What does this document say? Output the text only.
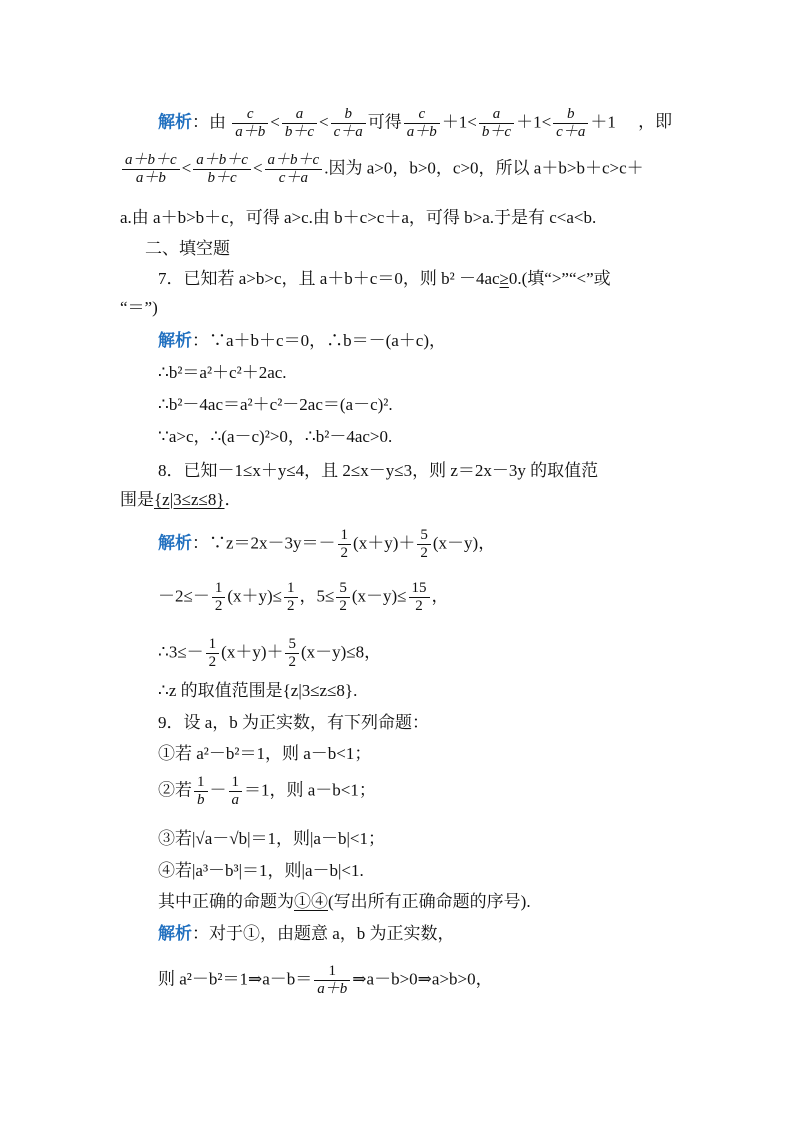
解析：由 $\frac{c}{a+b} < \frac{a}{b+c} < \frac{b}{c+a}$ 可得 $\frac{c}{a+b} +1< \frac{a}{b+c} +1< \frac{b}{c+a} +1$ ，即
$\frac{a+b+c}{a+b} < \frac{a+b+c}{b+c} < \frac{a+b+c}{c+a}$ .因为 a>0，b>0，c>0，所以 a＋b>b＋c>c＋
a.由 a＋b>b＋c，可得 a>c.由 b＋c>c＋a，可得 b>a.于是有 c<a<b.
二、填空题
7．已知若 a>b>c，且 a＋b＋c＝0，则 b² －4ac≥0.(填“>”“<”或
“＝”)
解析：∵a＋b＋c＝0，∴b＝－(a＋c)，
∴b²＝a²＋c²＋2ac.
∴b²－4ac＝a²＋c²－2ac＝(a－c)².
∵a>c，∴(a－c)²>0，∴b²－4ac>0.
8．已知－1≤x＋y≤4，且 2≤x－y≤3，则 z＝2x－3y 的取值范
围是{z|3≤z≤8}．
解析：∵z＝2x－3y＝－ $\frac{1}{2} (x+y)+ \frac{5}{2} (x-y)$，
$-2\le- \frac{1}{2} (x+y)\le \frac{1}{2}$ ，$5\le \frac{5}{2} (x-y)\le \frac{15}{2}$ ，
∴3≤－ $\frac{1}{2} (x+y)+ \frac{5}{2} (x-y)\le 8$，
∴z 的取值范围是{z|3≤z≤8}.
9．设 a，b 为正实数，有下列命题：
①若 a²－b²＝1，则 a－b<1；
②若 $\frac{1}{b} - \frac{1}{a} =1$，则 a－b<1；
③若|√a－√b|＝1，则|a－b|<1；
④若|a³－b³|＝1，则|a－b|<1.
其中正确的命题为①④(写出所有正确命题的序号).
解析：对于①，由题意 a，b 为正实数，
则 a²－b²＝1⇒a－b＝ $\frac{1}{a+b}$ ⇒a－b>0⇒a>b>0，
